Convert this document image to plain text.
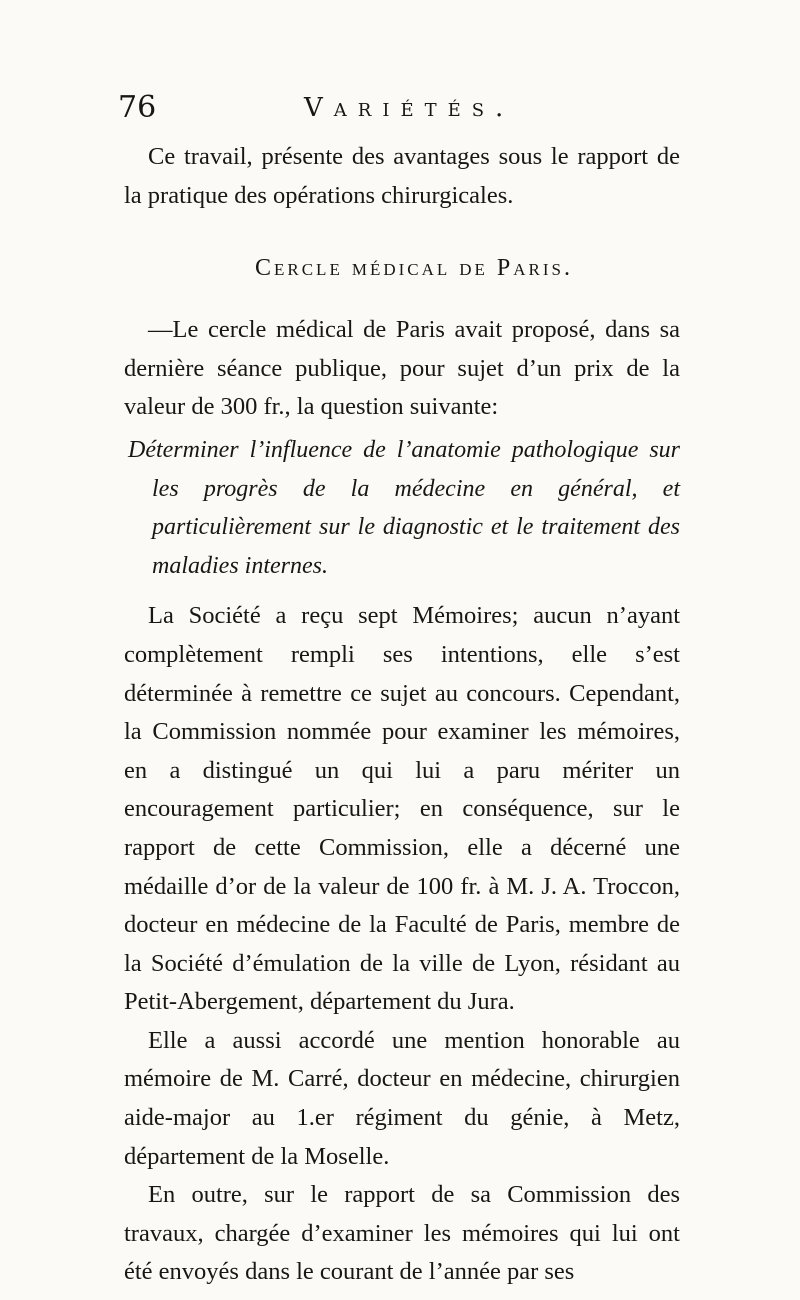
76	Variétés.

Ce travail, présente des avantages sous le rapport de la pratique des opérations chirurgicales.

Cercle médical de Paris.

—Le cercle médical de Paris avait proposé, dans sa dernière séance publique, pour sujet d’un prix de la valeur de 300 fr., la question suivante:

Déterminer l’influence de l’anatomie pathologique sur les progrès de la médecine en général, et particulièrement sur le diagnostic et le traitement des maladies internes.

La Société a reçu sept Mémoires; aucun n’ayant complètement rempli ses intentions, elle s’est déterminée à remettre ce sujet au concours. Cependant, la Commission nommée pour examiner les mémoires, en a distingué un qui lui a paru mériter un encouragement particulier; en conséquence, sur le rapport de cette Commission, elle a décerné une médaille d’or de la valeur de 100 fr. à M. J. A. Troccon, docteur en médecine de la Faculté de Paris, membre de la Société d’émulation de la ville de Lyon, résidant au Petit-Abergement, département du Jura.

Elle a aussi accordé une mention honorable au mémoire de M. Carré, docteur en médecine, chirurgien aide-major au 1.er régiment du génie, à Metz, département de la Moselle.

En outre, sur le rapport de sa Commission des travaux, chargée d’examiner les mémoires qui lui ont été envoyés dans le courant de l’année par ses
